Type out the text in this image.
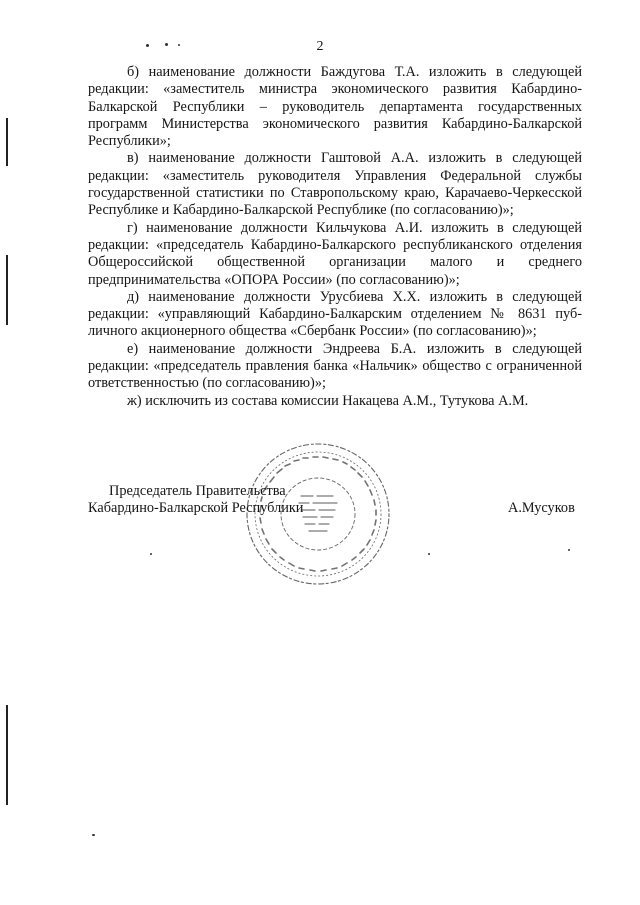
2

б) наименование должности Баждугова Т.А. изложить в следующей редакции: «заместитель министра экономического развития Кабардино-Балкарской Республики – руководитель департамента государственных программ Министерства экономического развития Кабардино-Балкарской Республики»;

в) наименование должности Гаштовой А.А. изложить в следующей редакции: «заместитель руководителя Управления Федеральной службы государственной статистики по Ставропольскому краю, Карачаево-Черкесской Республике и Кабардино-Балкарской Республике (по согласованию)»;

г) наименование должности Кильчукова А.И. изложить в следующей редакции: «председатель Кабардино-Балкарского республиканского отделения Общероссийской общественной организации малого и среднего предпринимательства «ОПОРА России» (по согласованию)»;

д) наименование должности Урусбиева Х.Х. изложить в следующей редакции: «управляющий Кабардино-Балкарским отделением № 8631 публичного акционерного общества «Сбербанк России» (по согласованию)»;

е) наименование должности Эндреева Б.А. изложить в следующей редакции: «председатель правления банка «Нальчик» общество с ограниченной ответственностью (по согласованию)»;

ж) исключить из состава комиссии Накацева А.М., Тутукова А.М.

Председатель Правительства
Кабардино-Балкарской Республики	А.Мусуков
